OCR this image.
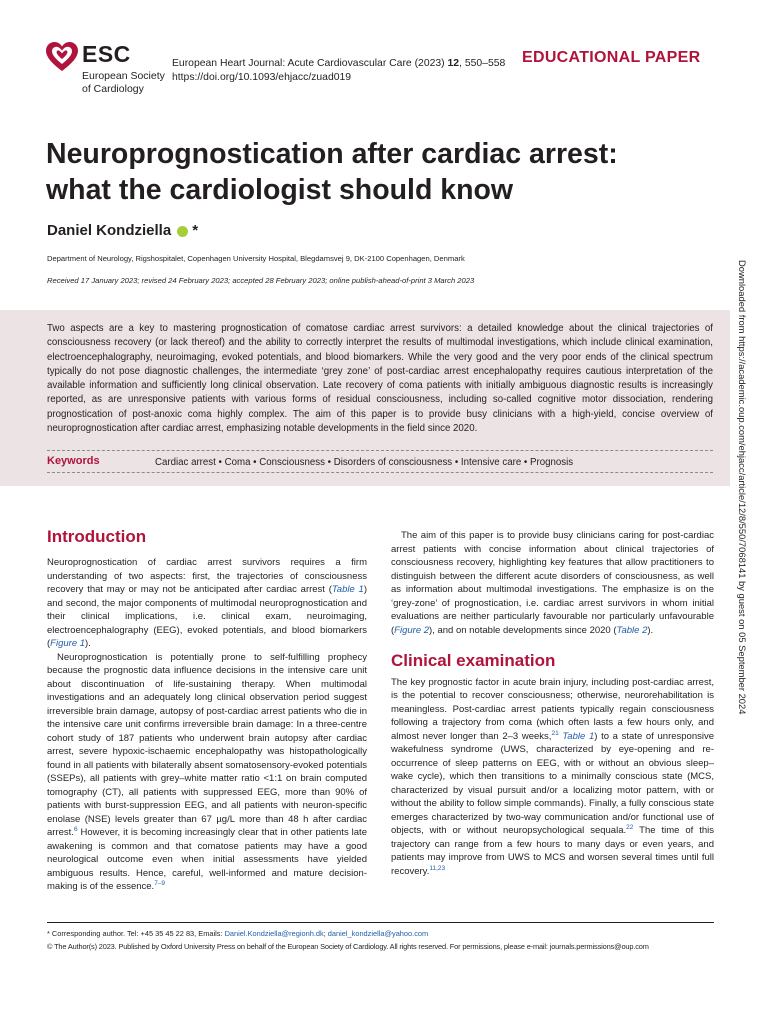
ESC
European Society
of Cardiology
European Heart Journal: Acute Cardiovascular Care (2023) 12, 550–558
https://doi.org/10.1093/ehjacc/zuad019
EDUCATIONAL PAPER
Neuroprognostication after cardiac arrest:
what the cardiologist should know
Daniel Kondziella *
Department of Neurology, Rigshospitalet, Copenhagen University Hospital, Blegdamsvej 9, DK-2100 Copenhagen, Denmark
Received 17 January 2023; revised 24 February 2023; accepted 28 February 2023; online publish-ahead-of-print 3 March 2023
Two aspects are a key to mastering prognostication of comatose cardiac arrest survivors: a detailed knowledge about the clinical trajectories of consciousness recovery (or lack thereof) and the ability to correctly interpret the results of multimodal investigations, which include clinical examination, electroencephalography, neuroimaging, evoked potentials, and blood biomarkers. While the very good and the very poor ends of the clinical spectrum typically do not pose diagnostic challenges, the intermediate ‘grey zone’ of post-cardiac arrest encephalopathy requires cautious interpretation of the available information and sufficiently long clinical observation. Late recovery of coma patients with initially ambiguous diagnostic results is increasingly reported, as are unresponsive patients with various forms of residual consciousness, including so-called cognitive motor dissociation, rendering prognostication of post-anoxic coma highly complex. The aim of this paper is to provide busy clinicians with a high-yield, concise overview of neuroprognostication after cardiac arrest, emphasizing notable developments in the field since 2020.
Keywords	Cardiac arrest • Coma • Consciousness • Disorders of consciousness • Intensive care • Prognosis
Introduction

Neuroprognostication of cardiac arrest survivors requires a firm understanding of two aspects: first, the trajectories of consciousness recovery that may or may not be anticipated after cardiac arrest (Table 1) and second, the major components of multimodal neuroprognostication and their clinical implications, i.e. clinical exam, neuroimaging, electroencephalography (EEG), evoked potentials, and blood biomarkers (Figure 1).

Neuroprognostication is potentially prone to self-fulfilling prophecy because the prognostic data influence decisions in the intensive care unit about discontinuation of life-sustaining therapy. When multimodal investigations and an adequately long clinical observation period suggest irreversible brain damage, autopsy of post-cardiac arrest patients who die in the intensive care unit confirms irreversible brain damage: In a three-centre cohort study of 187 patients who underwent brain autopsy after cardiac arrest, severe hypoxic-ischaemic encephalopathy was histopathologically found in all patients with bilaterally absent somatosensory-evoked potentials (SSEPs), all patients with grey–white matter ratio <1:1 on brain computed tomography (CT), all patients with suppressed EEG, more than 90% of patients with burst-suppression EEG, and all patients with neuron-specific enolase (NSE) levels greater than 67 µg/L more than 48 h after cardiac arrest.$^6$ However, it is becoming increasingly clear that in other patients late awakening is common and that comatose patients may have a good neurological outcome even when initial assessments have yielded ambiguous results. Hence, careful, well-informed and mature decision-making is of the essence.$^{7-9}$

The aim of this paper is to provide busy clinicians caring for post-cardiac arrest patients with concise information about clinical trajectories of consciousness recovery, highlighting key features that allow practitioners to distinguish between the different acute disorders of consciousness, as well as information about multimodal investigations. The emphasize is on the ‘grey-zone’ of prognostication, i.e. cardiac arrest survivors in whom initial evaluations are neither particularly favourable nor particularly unfavourable (Figure 2), and on notable developments since 2020 (Table 2).

Clinical examination

The key prognostic factor in acute brain injury, including post-cardiac arrest, is the potential to recover consciousness; otherwise, neurorehabilitation is meaningless. Post-cardiac arrest patients typically regain consciousness following a trajectory from coma (which often lasts a few hours only, and almost never longer than 2–3 weeks,$^{21}$ Table 1) to a state of unresponsive wakefulness syndrome (UWS, characterized by eye-opening and re-occurrence of sleep patterns on EEG, with or without an obvious sleep–wake cycle), which then transitions to a minimally conscious state (MCS, characterized by visual pursuit and/or a localizing motor pattern, with or without the ability to follow simple commands). Finally, a fully conscious state emerges characterized by two-way communication and/or functional use of objects, with or without neuropsychological sequala.$^{22}$ The time of this trajectory can range from a few hours to many days or even years, and patients may improve from UWS to MCS and worsen several times until full recovery.$^{11,23}$

* Corresponding author. Tel: +45 35 45 22 83, Emails: Daniel.Kondziella@regionh.dk; daniel_kondziella@yahoo.com
© The Author(s) 2023. Published by Oxford University Press on behalf of the European Society of Cardiology. All rights reserved. For permissions, please e-mail: journals.permissions@oup.com
Downloaded from https://academic.oup.com/ehjacc/article/12/8/550/7068141 by guest on 05 September 2024
